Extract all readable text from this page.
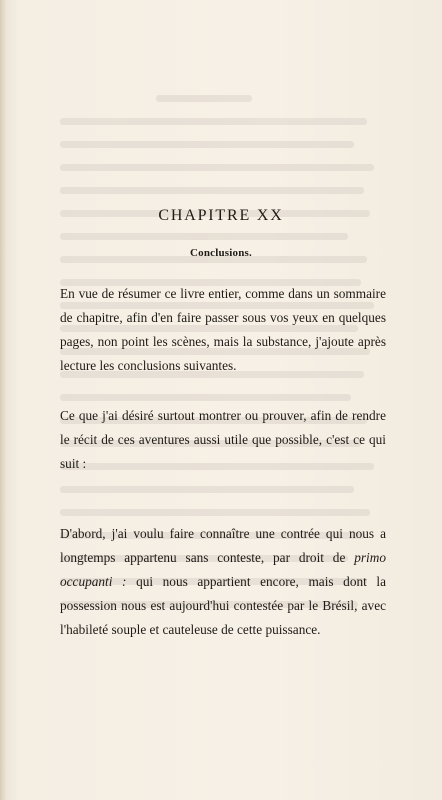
CHAPITRE XX
Conclusions.

En vue de résumer ce livre entier, comme dans un sommaire de chapitre, afin d'en faire passer sous vos yeux en quelques pages, non point les scènes, mais la substance, j'ajoute après lecture les conclusions suivantes.

Ce que j'ai désiré surtout montrer ou prouver, afin de rendre le récit de ces aventures aussi utile que possible, c'est ce qui suit :

D'abord, j'ai voulu faire connaître une contrée qui nous a longtemps appartenu sans conteste, par droit de primo occupanti : qui nous appartient encore, mais dont la possession nous est aujourd'hui contestée par le Brésil, avec l'habileté souple et cauteleuse de cette puissance.
